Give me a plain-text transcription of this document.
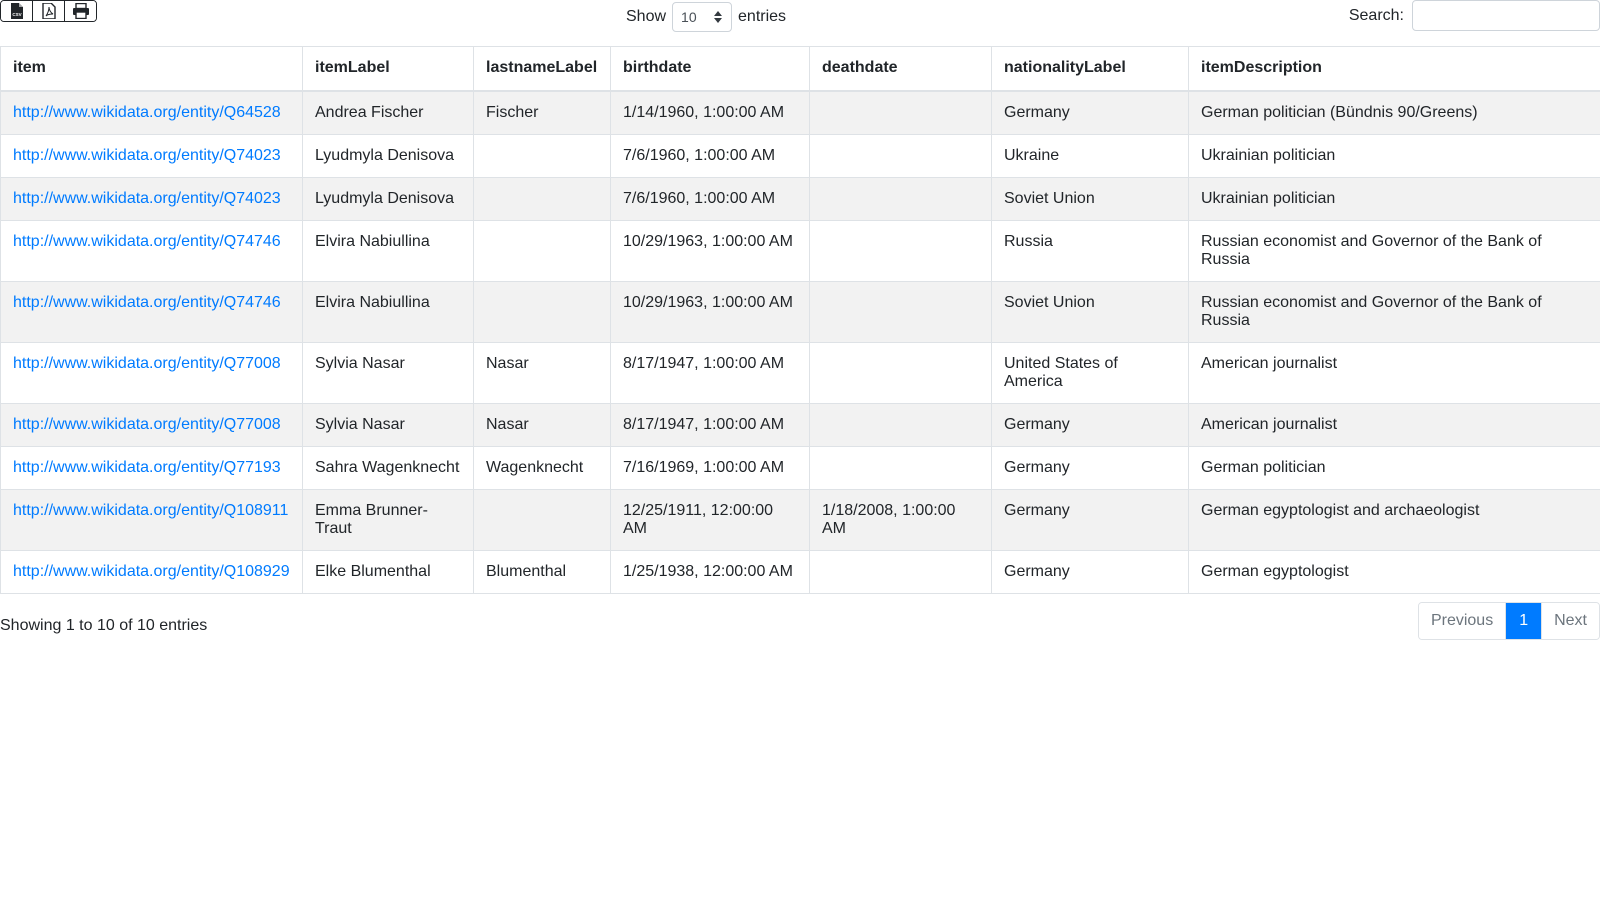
CSV	Show 10	entries	Search:
item	itemLabel	lastnameLabel	birthdate	deathdate	nationalityLabel	itemDescription
http://www.wikidata.org/entity/Q64528	Andrea Fischer	Fischer	1/14/1960, 1:00:00 AM		Germany	German politician (Bündnis 90/Greens)
http://www.wikidata.org/entity/Q74023	Lyudmyla Denisova		7/6/1960, 1:00:00 AM		Ukraine	Ukrainian politician
http://www.wikidata.org/entity/Q74023	Lyudmyla Denisova		7/6/1960, 1:00:00 AM		Soviet Union	Ukrainian politician
http://www.wikidata.org/entity/Q74746	Elvira Nabiullina		10/29/1963, 1:00:00 AM		Russia	Russian economist and Governor of the Bank of Russia
http://www.wikidata.org/entity/Q74746	Elvira Nabiullina		10/29/1963, 1:00:00 AM		Soviet Union	Russian economist and Governor of the Bank of Russia
http://www.wikidata.org/entity/Q77008	Sylvia Nasar	Nasar	8/17/1947, 1:00:00 AM		United States of America	American journalist
http://www.wikidata.org/entity/Q77008	Sylvia Nasar	Nasar	8/17/1947, 1:00:00 AM		Germany	American journalist
http://www.wikidata.org/entity/Q77193	Sahra Wagenknecht	Wagenknecht	7/16/1969, 1:00:00 AM		Germany	German politician
http://www.wikidata.org/entity/Q108911	Emma Brunner-Traut		12/25/1911, 12:00:00 AM	1/18/2008, 1:00:00 AM	Germany	German egyptologist and archaeologist
http://www.wikidata.org/entity/Q108929	Elke Blumenthal	Blumenthal	1/25/1938, 12:00:00 AM		Germany	German egyptologist
Showing 1 to 10 of 10 entries	Previous	1	Next
